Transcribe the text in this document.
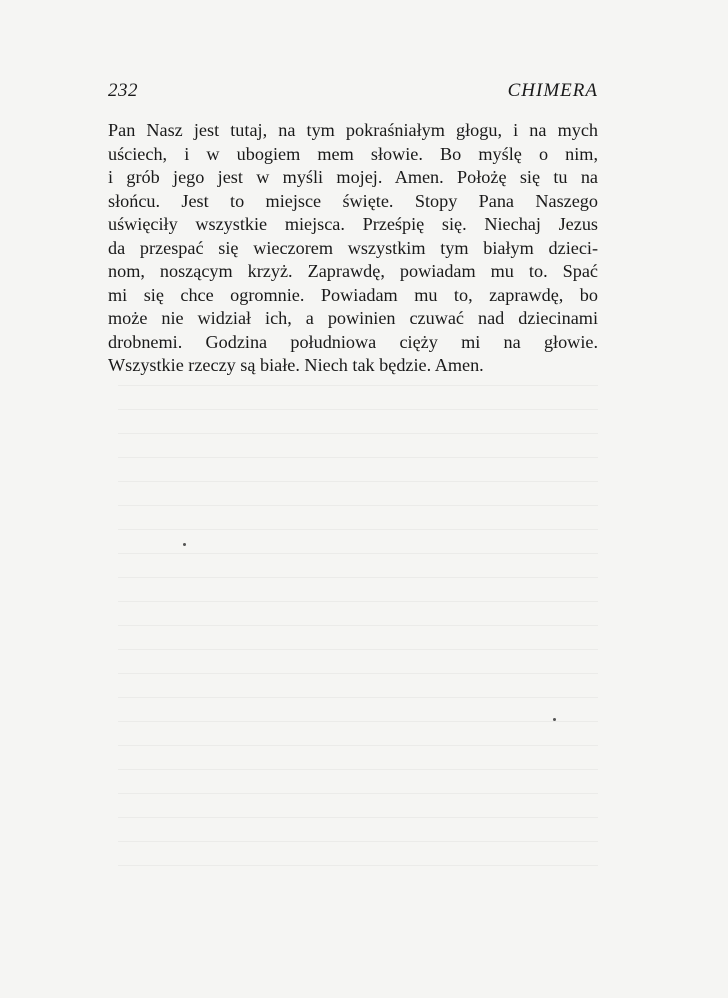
232	CHIMERA
Pan Nasz jest tutaj, na tym pokraśniałym głogu, i na mych
uściech, i w ubogiem mem słowie. Bo myślę o nim,
i grób jego jest w myśli mojej. Amen. Położę się tu na
słońcu. Jest to miejsce święte. Stopy Pana Naszego
uświęciły wszystkie miejsca. Prześpię się. Niechaj Jezus
da przespać się wieczorem wszystkim tym białym dzieci-
nom, noszącym krzyż. Zaprawdę, powiadam mu to. Spać
mi się chce ogromnie. Powiadam mu to, zaprawdę, bo
może nie widział ich, a powinien czuwać nad dziecinami
drobnemi. Godzina południowa cięży mi na głowie.
Wszystkie rzeczy są białe. Niech tak będzie. Amen.
